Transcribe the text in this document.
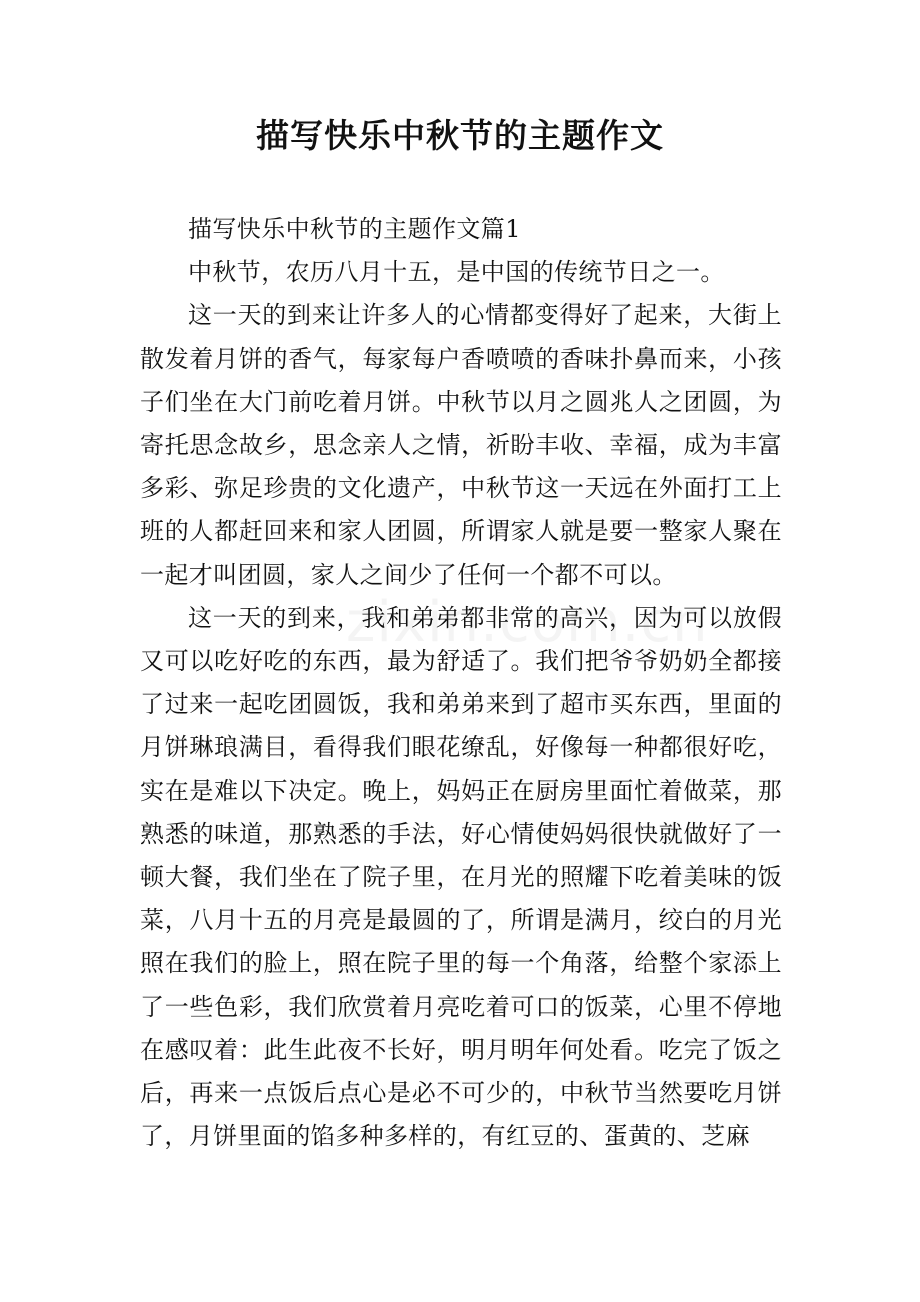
描写快乐中秋节的主题作文

描写快乐中秋节的主题作文篇1

中秋节，农历八月十五，是中国的传统节日之一。

这一天的到来让许多人的心情都变得好了起来，大街上散发着月饼的香气，每家每户香喷喷的香味扑鼻而来，小孩子们坐在大门前吃着月饼。中秋节以月之圆兆人之团圆，为寄托思念故乡，思念亲人之情，祈盼丰收、幸福，成为丰富多彩、弥足珍贵的文化遗产，中秋节这一天远在外面打工上班的人都赶回来和家人团圆，所谓家人就是要一整家人聚在一起才叫团圆，家人之间少了任何一个都不可以。

这一天的到来，我和弟弟都非常的高兴，因为可以放假又可以吃好吃的东西，最为舒适了。我们把爷爷奶奶全都接了过来一起吃团圆饭，我和弟弟来到了超市买东西，里面的月饼琳琅满目，看得我们眼花缭乱，好像每一种都很好吃，实在是难以下决定。晚上，妈妈正在厨房里面忙着做菜，那熟悉的味道，那熟悉的手法，好心情使妈妈很快就做好了一顿大餐，我们坐在了院子里，在月光的照耀下吃着美味的饭菜，八月十五的月亮是最圆的了，所谓是满月，绞白的月光照在我们的脸上，照在院子里的每一个角落，给整个家添上了一些色彩，我们欣赏着月亮吃着可口的饭菜，心里不停地在感叹着：此生此夜不长好，明月明年何处看。吃完了饭之后，再来一点饭后点心是必不可少的，中秋节当然要吃月饼了，月饼里面的馅多种多样的，有红豆的、蛋黄的、芝麻
